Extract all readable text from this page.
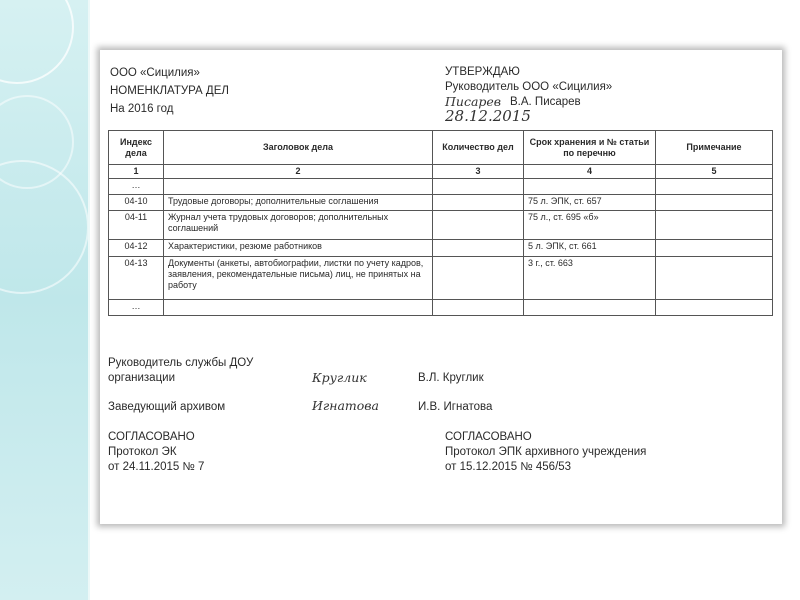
ООО «Сицилия»
НОМЕНКЛАТУРА ДЕЛ
На 2016 год
УТВЕРЖДАЮ
Руководитель ООО «Сицилия»
Писарев В.А. Писарев
28.12.2015
Индекс дела	Заголовок дела	Количество дел	Срок хранения и № статьи по перечню	Примечание
1	2	3	4	5
…				
04-10	Трудовые договоры; дополнительные соглашения		75 л. ЭПК, ст. 657	
04-11	Журнал учета трудовых договоров; дополнительных соглашений		75 л., ст. 695 «б»	
04-12	Характеристики, резюме работников		5 л. ЭПК, ст. 661	
04-13	Документы (анкеты, автобиографии, листки по учету кадров, заявления, рекомендательные письма) лиц, не принятых на работу		3 г., ст. 663	
…				
Руководитель службы ДОУ
организации	Круглик	В.Л. Круглик
Заведующий архивом	Игнатова	И.В. Игнатова
СОГЛАСОВАНО
Протокол ЭК
от 24.11.2015 № 7
СОГЛАСОВАНО
Протокол ЭПК архивного учреждения
от 15.12.2015 № 456/53
